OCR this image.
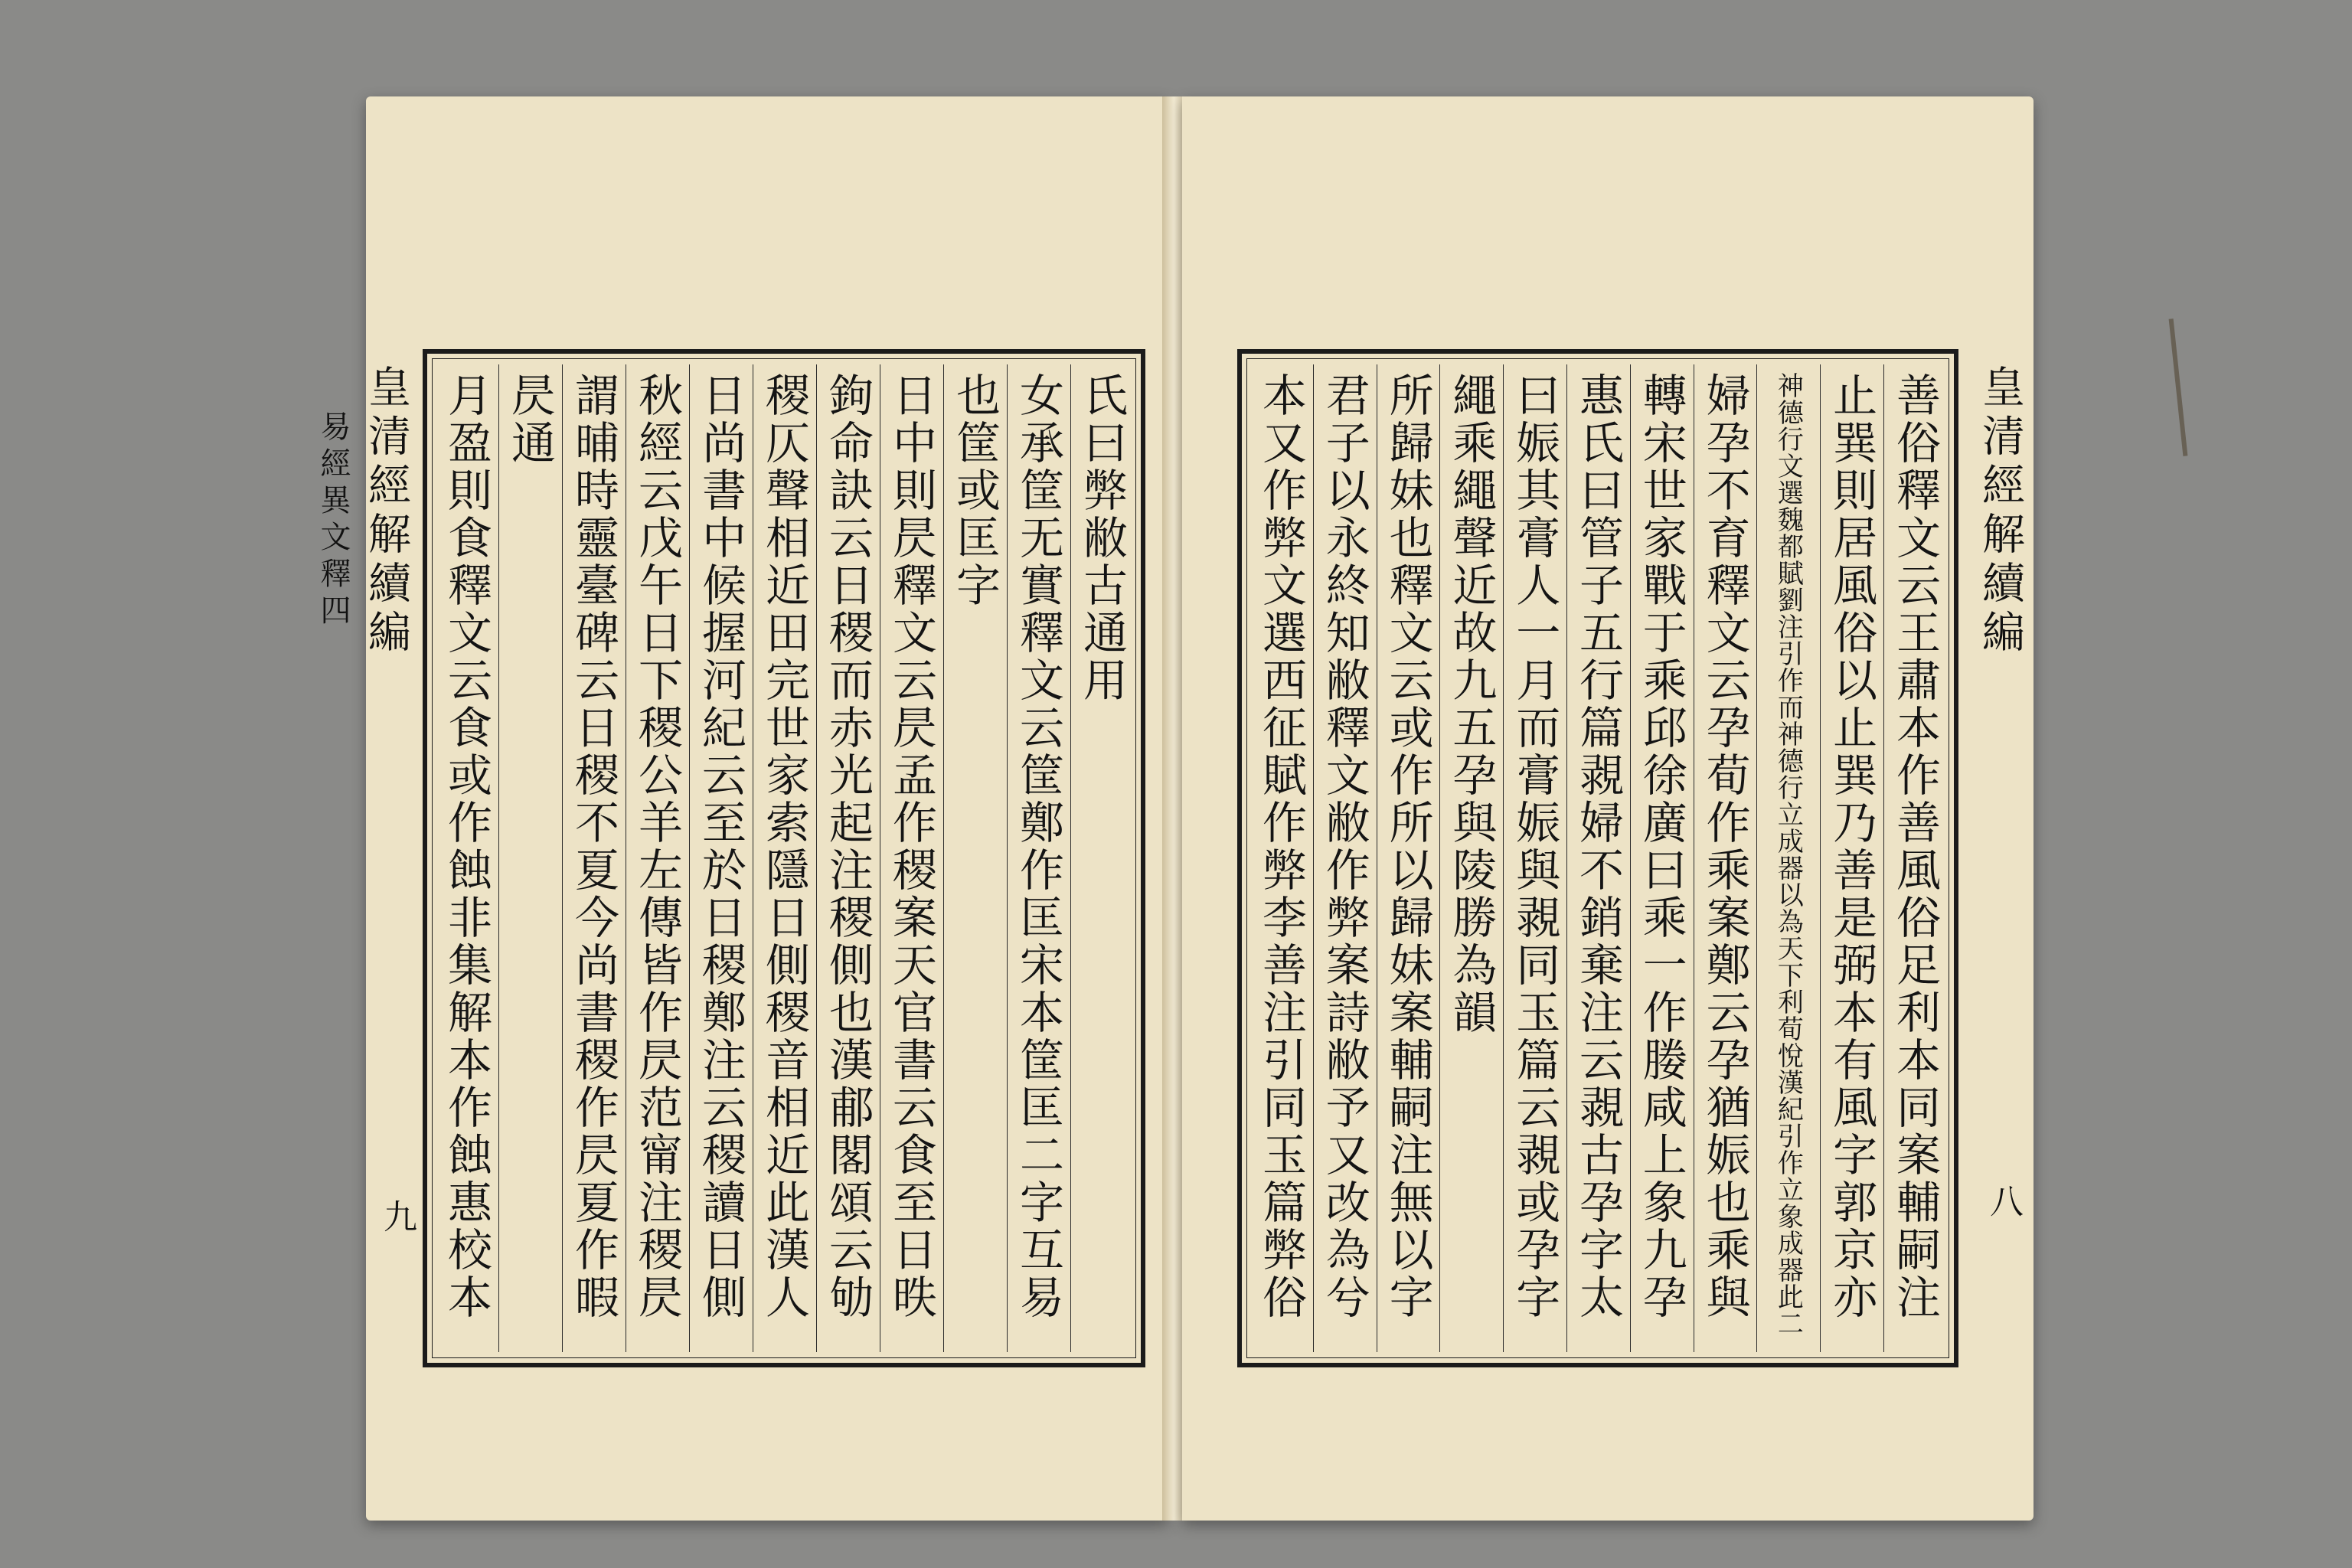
皇清經解續編
易經異文釋四	氏曰弊敝古通用
女承筐无實釋文云筐鄭作匡宋本筐匡二字互易
也筐或匡字
日中則昃釋文云昃孟作稷案天官書云食至日昳
鉤命訣云日稷而赤光起注稷側也漢郙閣頌云劬
稷仄聲相近田完世家索隱日側稷音相近此漢人
日尚書中候握河紀云至於日稷鄭注云稷讀日側
秋經云戊午日下稷公羊左傳皆作昃范甯注稷昃
謂晡時靈臺碑云日稷不夏今尚書稷作昃夏作暇
昃通
月盈則食釋文云食或作蝕非集解本作蝕惠校本
九
善俗釋文云王肅本作善風俗足利本同案輔嗣注
止巽則居風俗以止巽乃善是弼本有風字郭京亦
神德行文選魏都賦劉注引作而神德行立成器以為天下利荀悅漢紀引作立象成器此二
婦孕不育釋文云孕荀作乘案鄭云孕猶娠也乘與
轉宋世家戰于乘邱徐廣曰乘一作媵咸上象九孕
惠氏曰管子五行篇䚄婦不銷棄注云䚄古孕字太
曰娠其膏人一月而膏娠與䚄同玉篇云䚄或孕字
繩乘繩聲近故九五孕與陵勝為韻
所歸妹也釋文云或作所以歸妹案輔嗣注無以字
君子以永終知敝釋文敝作弊案詩敝予又改為兮
本又作弊文選西征賦作弊李善注引同玉篇弊俗
皇清經解續編
八
